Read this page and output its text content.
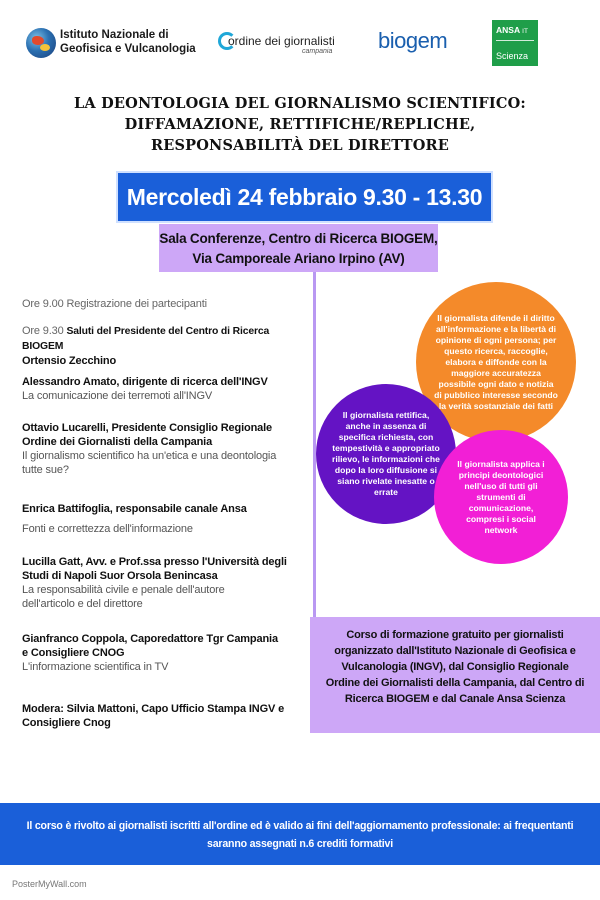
Istituto Nazionale di
Geofisica e Vulcanologia
ordine dei giornalisti
campania biogem	ANSA IT
Scienza
LA DEONTOLOGIA DEL GIORNALISMO SCIENTIFICO:
DIFFAMAZIONE, RETTIFICHE/REPLICHE,
RESPONSABILITÀ DEL DIRETTORE
Mercoledì 24 febbraio 9.30 - 13.30
Sala Conferenze, Centro di Ricerca BIOGEM,
Via Camporeale Ariano Irpino (AV)
Ore 9.00 Registrazione dei partecipanti
Ore 9.30 Saluti del Presidente del Centro di Ricerca BIOGEM
Ortensio Zecchino
Alessandro Amato, dirigente di ricerca dell'INGV
La comunicazione dei terremoti all'INGV
Ottavio Lucarelli, Presidente Consiglio Regionale
Ordine dei Giornalisti della Campania
Il giornalismo scientifico ha un'etica e una deontologia
tutte sue?
Enrica Battifoglia, responsabile canale Ansa
Fonti e correttezza dell'informazione
Lucilla Gatt, Avv. e Prof.ssa presso l'Università degli
Studi di Napoli Suor Orsola Benincasa
La responsabilità civile e penale dell'autore
dell'articolo e del direttore
Gianfranco Coppola, Caporedattore Tgr Campania
e Consigliere CNOG
L'informazione scientifica in TV
Modera: Silvia Mattoni, Capo Ufficio Stampa INGV e
Consigliere Cnog
Il giornalista difende il diritto all'informazione e la libertà di opinione di ogni persona; per questo ricerca, raccoglie, elabora e diffonde con la maggiore accuratezza possibile ogni dato e notizia di pubblico interesse secondo la verità sostanziale dei fatti
Il giornalista rettifica, anche in assenza di specifica richiesta, con tempestività e appropriato rilievo, le informazioni che dopo la loro diffusione si siano rivelate inesatte o errate
Il giornalista applica i principi deontologici nell'uso di tutti gli strumenti di comunicazione, compresi i social network
Corso di formazione gratuito per giornalisti organizzato dall'Istituto Nazionale di Geofisica e Vulcanologia (INGV), dal Consiglio Regionale Ordine dei Giornalisti della Campania, dal Centro di Ricerca BIOGEM e dal Canale Ansa Scienza
Il corso è rivolto ai giornalisti iscritti all'ordine ed è valido ai fini dell'aggiornamento professionale: ai frequentanti
saranno assegnati n.6 crediti formativi
PosterMyWall.com
